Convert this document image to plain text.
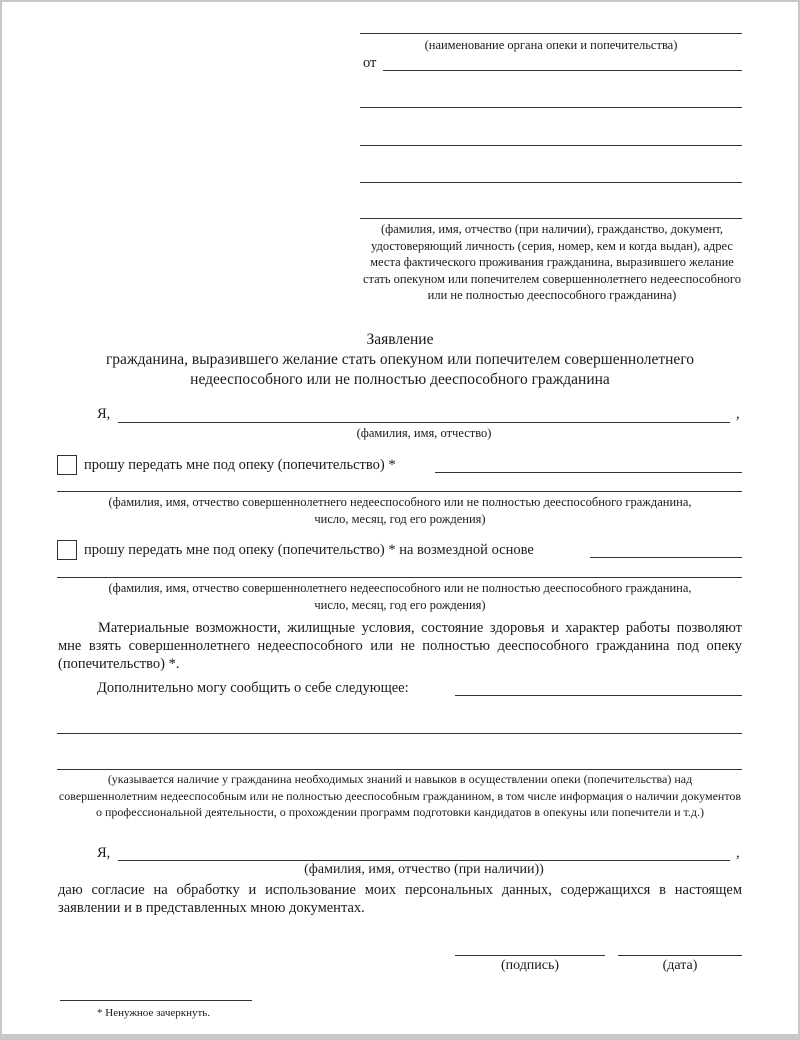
(наименование органа опеки и попечительства)
от
(фамилия, имя, отчество (при наличии), гражданство, документ, удостоверяющий личность (серия, номер, кем и когда выдан), адрес места фактического проживания гражданина, выразившего желание стать опекуном или попечителем совершеннолетнего недееспособного или не полностью дееспособного гражданина)
Заявление
гражданина, выразившего желание стать опекуном или попечителем совершеннолетнего
недееспособного или не полностью дееспособного гражданина
Я,	,
(фамилия, имя, отчество)
прошу передать мне под опеку (попечительство) *
(фамилия, имя, отчество совершеннолетнего недееспособного или не полностью дееспособного гражданина, число, месяц, год его рождения)
прошу передать мне под опеку (попечительство) * на возмездной основе
(фамилия, имя, отчество совершеннолетнего недееспособного или не полностью дееспособного гражданина, число, месяц, год его рождения)
Материальные возможности, жилищные условия, состояние здоровья и характер работы позволяют мне взять совершеннолетнего недееспособного или не полностью дееспособного гражданина под опеку (попечительство) *.
Дополнительно могу сообщить о себе следующее:
(указывается наличие у гражданина необходимых знаний и навыков в осуществлении опеки (попечительства) над совершеннолетним недееспособным или не полностью дееспособным гражданином, в том числе информация о наличии документов о профессиональной деятельности, о прохождении программ подготовки кандидатов в опекуны или попечители и т.д.)
Я,	,
(фамилия, имя, отчество (при наличии))
даю согласие на обработку и использование моих персональных данных, содержащихся в настоящем заявлении и в представленных мною документах.
(подпись)	(дата)
* Ненужное зачеркнуть.
